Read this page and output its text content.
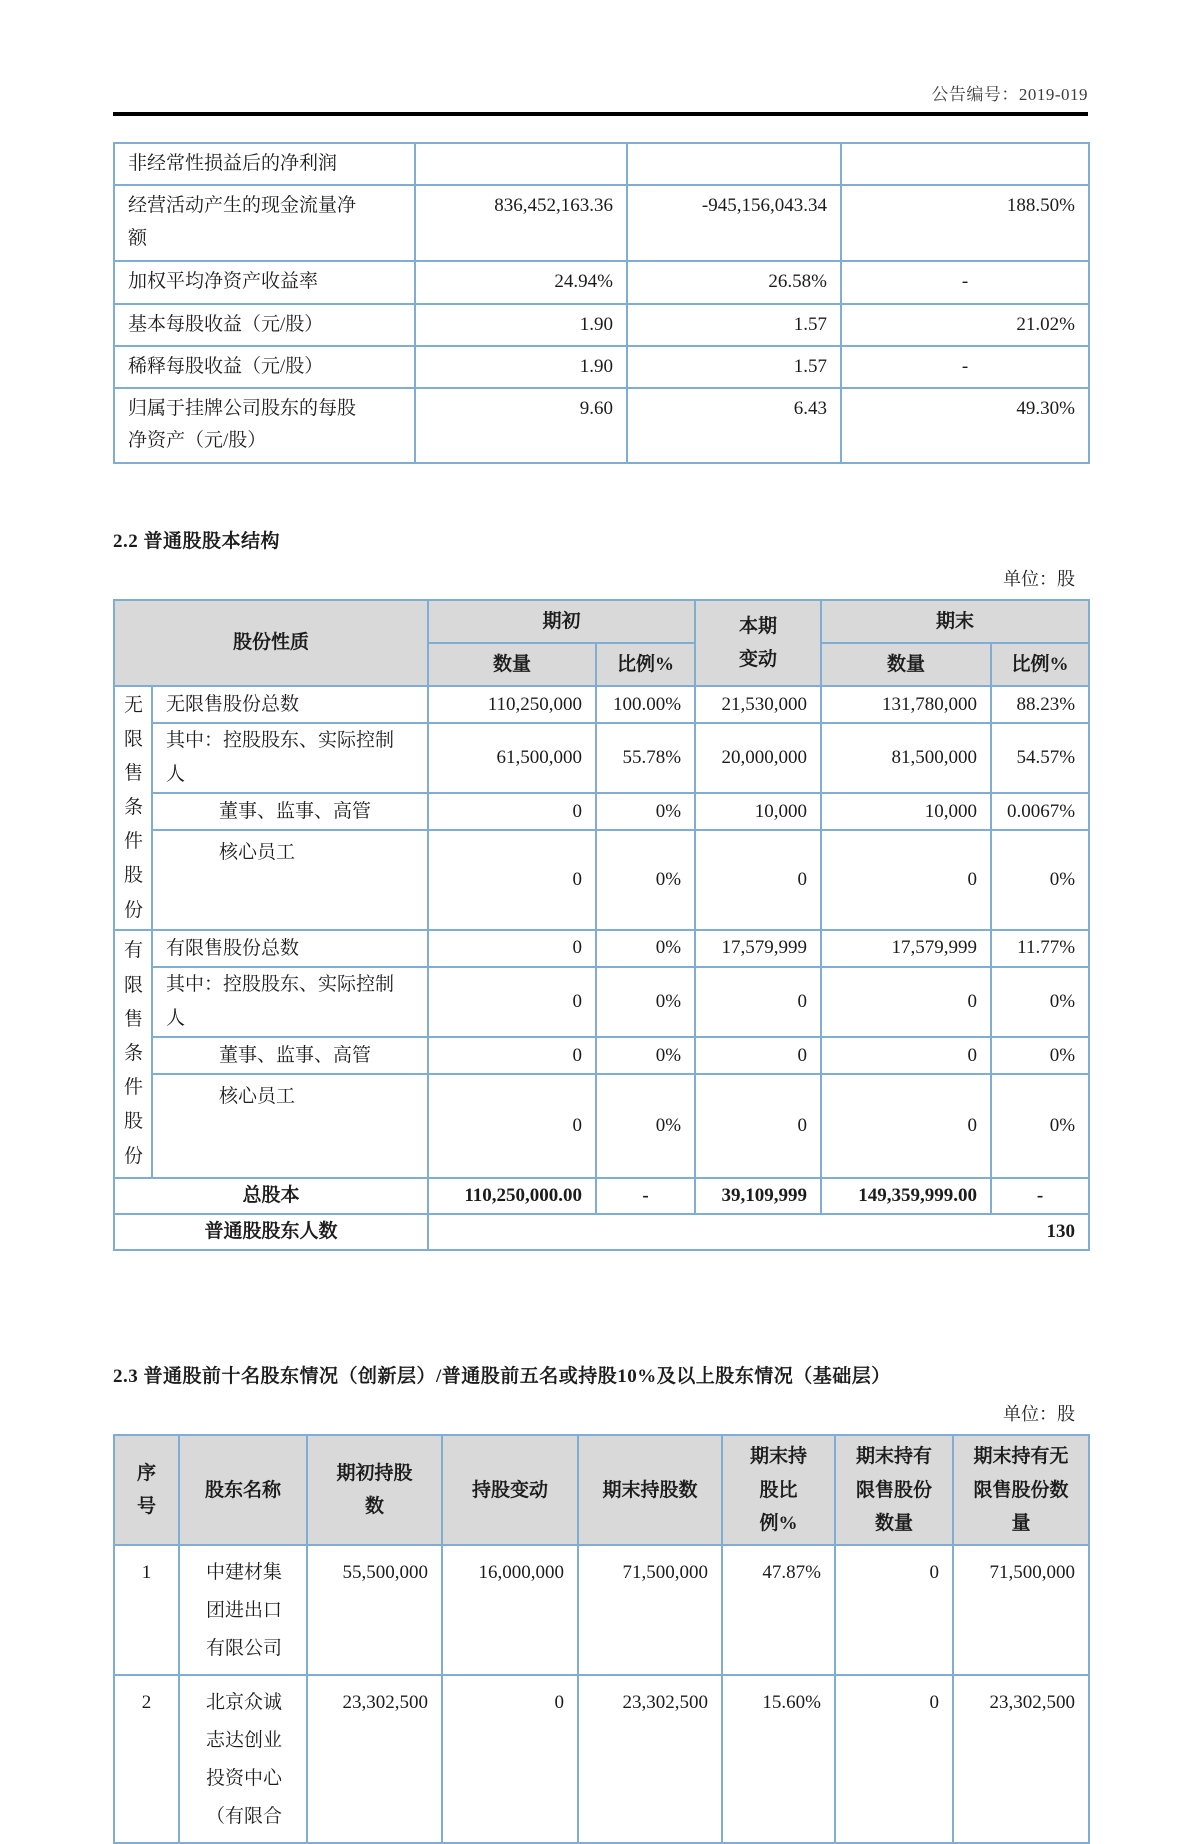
公告编号：2019-019
非经常性损益后的净利润			
经营活动产生的现金流量净额	836,452,163.36	-945,156,043.34	188.50%
加权平均净资产收益率	24.94%	26.58%	-
基本每股收益（元/股）	1.90	1.57	21.02%
稀释每股收益（元/股）	1.90	1.57	-
归属于挂牌公司股东的每股净资产（元/股）	9.60	6.43	49.30%
2.2 普通股股本结构
单位：股
股份性质		期初		本期变动	期末	
		数量	比例%		数量	比例%
无限售条件股份	无限售股份总数	110,250,000	100.00%	21,530,000	131,780,000	88.23%
	其中：控股股东、实际控制人	61,500,000	55.78%	20,000,000	81,500,000	54.57%
	董事、监事、高管	0	0%	10,000	10,000	0.0067%
	核心员工	0	0%	0	0	0%
有限售条件股份	有限售股份总数	0	0%	17,579,999	17,579,999	11.77%
	其中：控股股东、实际控制人	0	0%	0	0	0%
	董事、监事、高管	0	0%	0	0	0%
	核心员工	0	0%	0	0	0%
总股本		110,250,000.00	-	39,109,999	149,359,999.00	-
普通股股东人数		130				
2.3 普通股前十名股东情况（创新层）/普通股前五名或持股10%及以上股东情况（基础层）
单位：股
序号	股东名称	期初持股数	持股变动	期末持股数	期末持股比例%	期末持有限售股份数量	期末持有无限售股份数量
1	中建材集团进出口有限公司	55,500,000	16,000,000	71,500,000	47.87%	0	71,500,000
2	北京众诚志达创业投资中心（有限合	23,302,500	0	23,302,500	15.60%	0	23,302,500
